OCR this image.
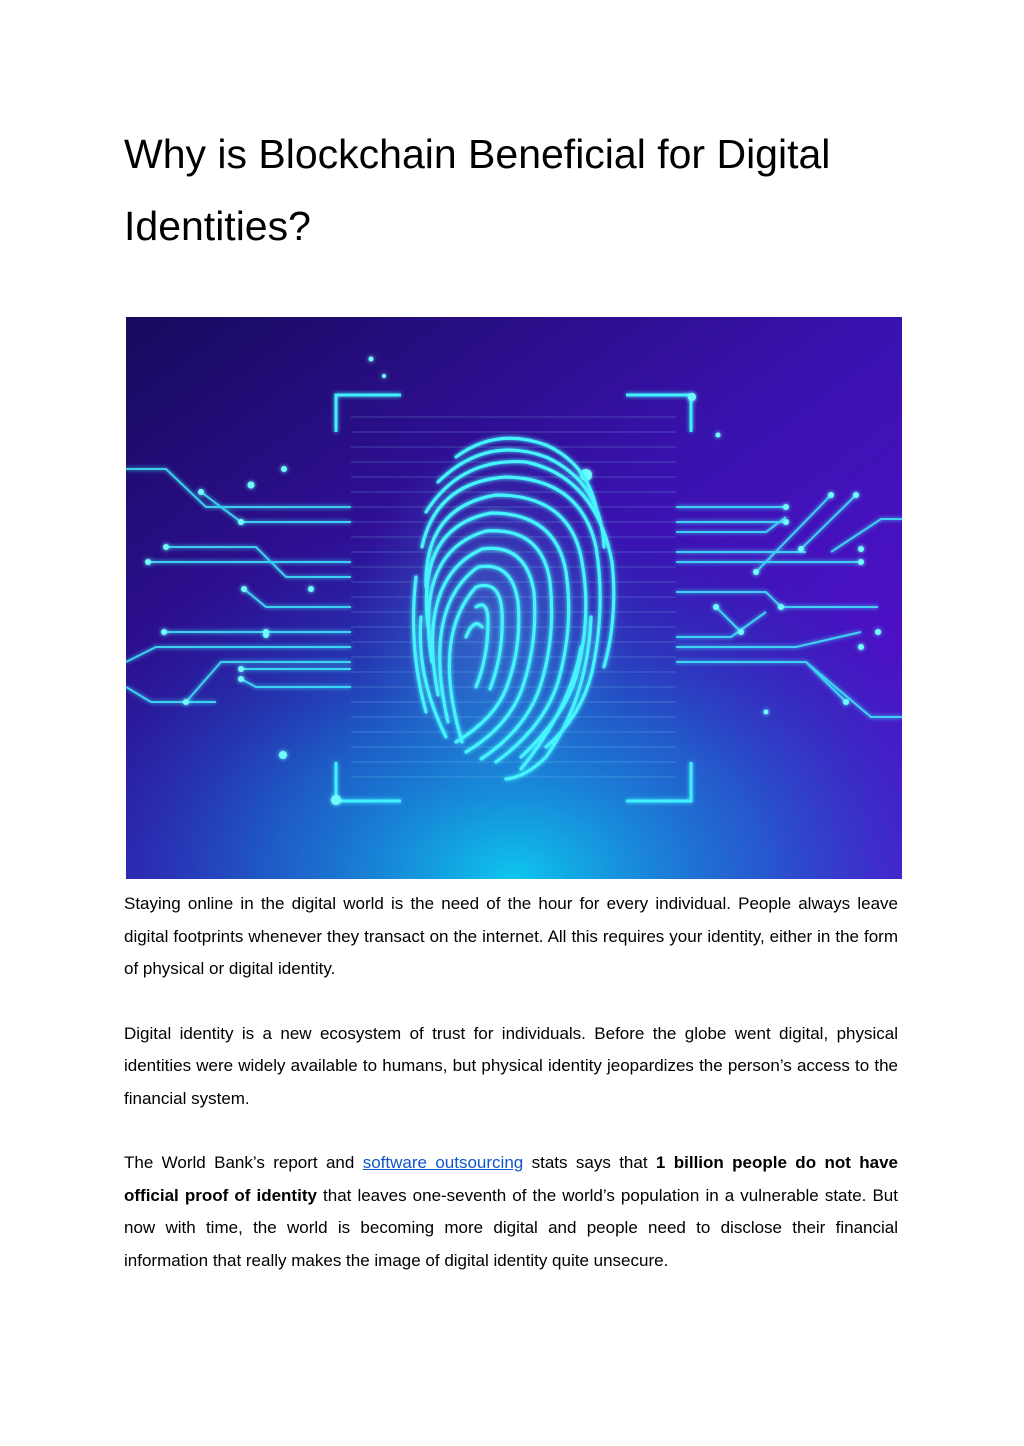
Why is Blockchain Beneficial for Digital Identities?

Staying online in the digital world is the need of the hour for every individual. People always leave digital footprints whenever they transact on the internet. All this requires your identity, either in the form of physical or digital identity.

Digital identity is a new ecosystem of trust for individuals. Before the globe went digital, physical identities were widely available to humans, but physical identity jeopardizes the person’s access to the financial system.

The World Bank’s report and software outsourcing stats says that 1 billion people do not have official proof of identity that leaves one-seventh of the world’s population in a vulnerable state. But now with time, the world is becoming more digital and people need to disclose their financial information that really makes the image of digital identity quite unsecure.
